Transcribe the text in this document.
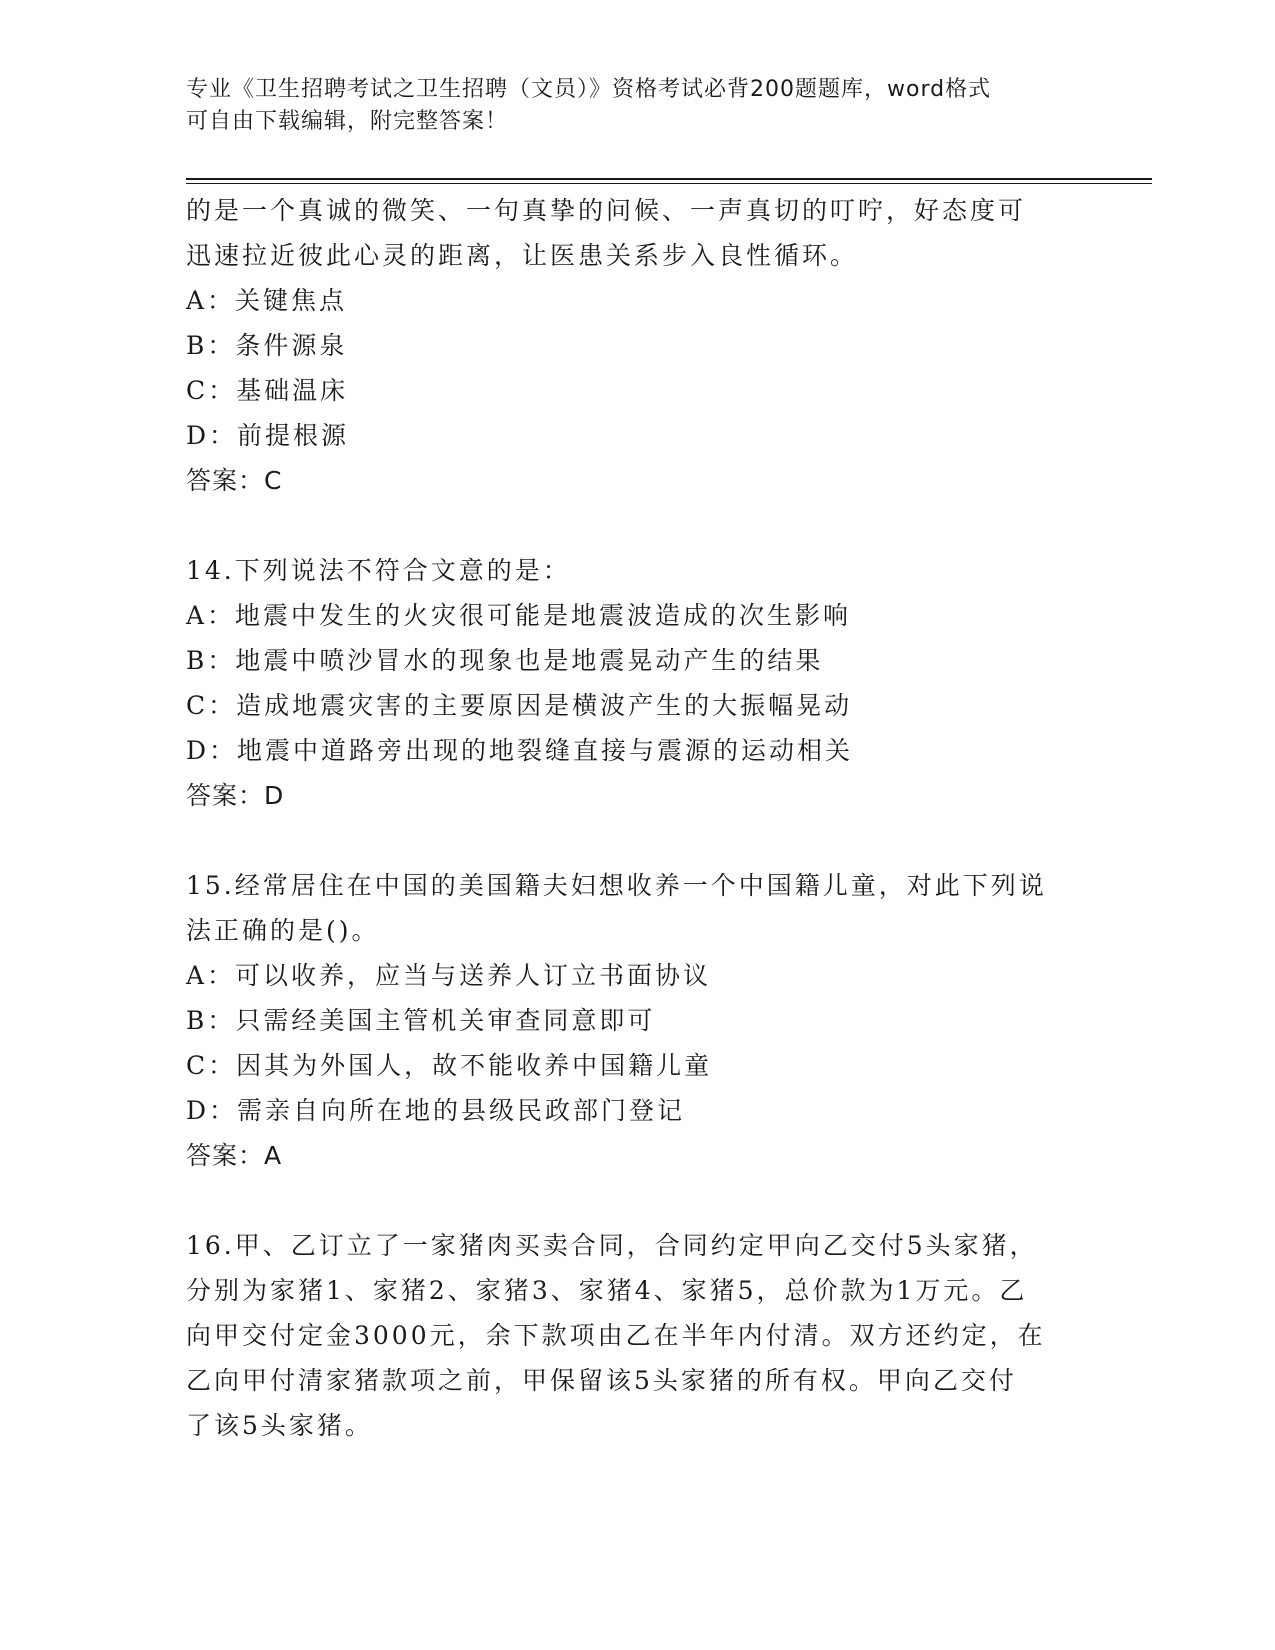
专业《卫生招聘考试之卫生招聘（文员）》资格考试必背200题题库，word格式
可自由下载编辑，附完整答案！
的是一个真诚的微笑、一句真挚的问候、一声真切的叮咛，好态度可
迅速拉近彼此心灵的距离，让医患关系步入良性循环。
A：关键焦点
B：条件源泉
C：基础温床
D：前提根源
答案：C
14.下列说法不符合文意的是：
A：地震中发生的火灾很可能是地震波造成的次生影响
B：地震中喷沙冒水的现象也是地震晃动产生的结果
C：造成地震灾害的主要原因是横波产生的大振幅晃动
D：地震中道路旁出现的地裂缝直接与震源的运动相关
答案：D
15.经常居住在中国的美国籍夫妇想收养一个中国籍儿童，对此下列说
法正确的是()。
A：可以收养，应当与送养人订立书面协议
B：只需经美国主管机关审查同意即可
C：因其为外国人，故不能收养中国籍儿童
D：需亲自向所在地的县级民政部门登记
答案：A
16.甲、乙订立了一家猪肉买卖合同，合同约定甲向乙交付5头家猪，
分别为家猪1、家猪2、家猪3、家猪4、家猪5，总价款为1万元。乙
向甲交付定金3000元，余下款项由乙在半年内付清。双方还约定，在
乙向甲付清家猪款项之前，甲保留该5头家猪的所有权。甲向乙交付
了该5头家猪。
